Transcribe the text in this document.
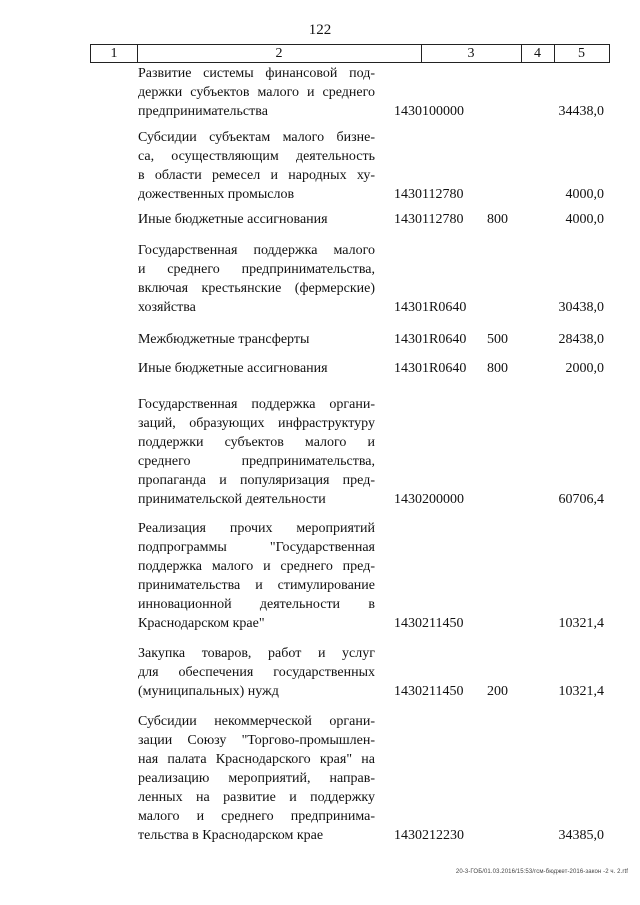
122
1	2	3	4	5
Развитие системы финансовой под-
держки субъектов малого и среднего
предпринимательства	1430100000	34438,0
Субсидии субъектам малого бизне-
са, осуществляющим деятельность
в области ремесел и народных ху-
дожественных промыслов	1430112780	4000,0
Иные бюджетные ассигнования	1430112780	800	4000,0
Государственная поддержка малого
и среднего предпринимательства,
включая крестьянские (фермерские)
хозяйства	14301R0640	30438,0
Межбюджетные трансферты	14301R0640	500	28438,0
Иные бюджетные ассигнования	14301R0640	800	2000,0
Государственная поддержка органи-
заций, образующих инфраструктуру
поддержки субъектов малого и
среднего предпринимательства,
пропаганда и популяризация пред-
принимательской деятельности	1430200000	60706,4
Реализация прочих мероприятий
подпрограммы "Государственная
поддержка малого и среднего пред-
принимательства и стимулирование
инновационной деятельности в
Краснодарском крае"	1430211450	10321,4
Закупка товаров, работ и услуг
для обеспечения государственных
(муниципальных) нужд	1430211450	200	10321,4
Субсидии некоммерческой органи-
зации Союзу "Торгово-промышлен-
ная палата Краснодарского края" на
реализацию мероприятий, направ-
ленных на развитие и поддержку
малого и среднего предпринима-
тельства в Краснодарском крае	1430212230	34385,0
20-3-ГОБ/01.03.2016/15:53/гсм-бюджет-2016-закон -2 ч. 2.rtf
